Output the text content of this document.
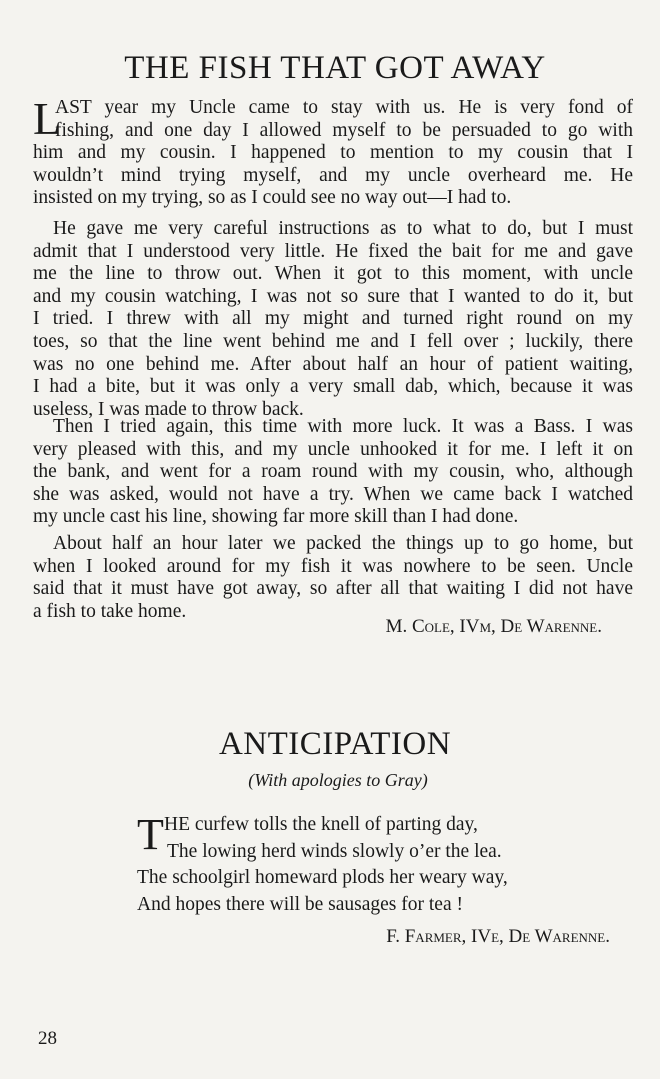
THE FISH THAT GOT AWAY
L
AST year my Uncle came to stay with us. He is very fond of
fishing, and one day I allowed myself to be persuaded to go with
him and my cousin. I happened to mention to my cousin that I
wouldn’t mind trying myself, and my uncle overheard me. He
insisted on my trying, so as I could see no way out—I had to.
He gave me very careful instructions as to what to do, but I must
admit that I understood very little. He fixed the bait for me and gave
me the line to throw out. When it got to this moment, with uncle
and my cousin watching, I was not so sure that I wanted to do it, but
I tried. I threw with all my might and turned right round on my
toes, so that the line went behind me and I fell over ; luckily, there
was no one behind me. After about half an hour of patient waiting,
I had a bite, but it was only a very small dab, which, because it was
useless, I was made to throw back.
Then I tried again, this time with more luck. It was a Bass. I was
very pleased with this, and my uncle unhooked it for me. I left it on
the bank, and went for a roam round with my cousin, who, although
she was asked, would not have a try. When we came back I watched
my uncle cast his line, showing far more skill than I had done.
About half an hour later we packed the things up to go home, but
when I looked around for my fish it was nowhere to be seen. Uncle
said that it must have got away, so after all that waiting I did not have
a fish to take home.
M. Cole, IVm, De Warenne.
ANTICIPATION
(With apologies to Gray)
T HE curfew tolls the knell of parting day,
The lowing herd winds slowly o’er the lea.
The schoolgirl homeward plods her weary way,
And hopes there will be sausages for tea !
F. Farmer, IVe, De Warenne.
28
